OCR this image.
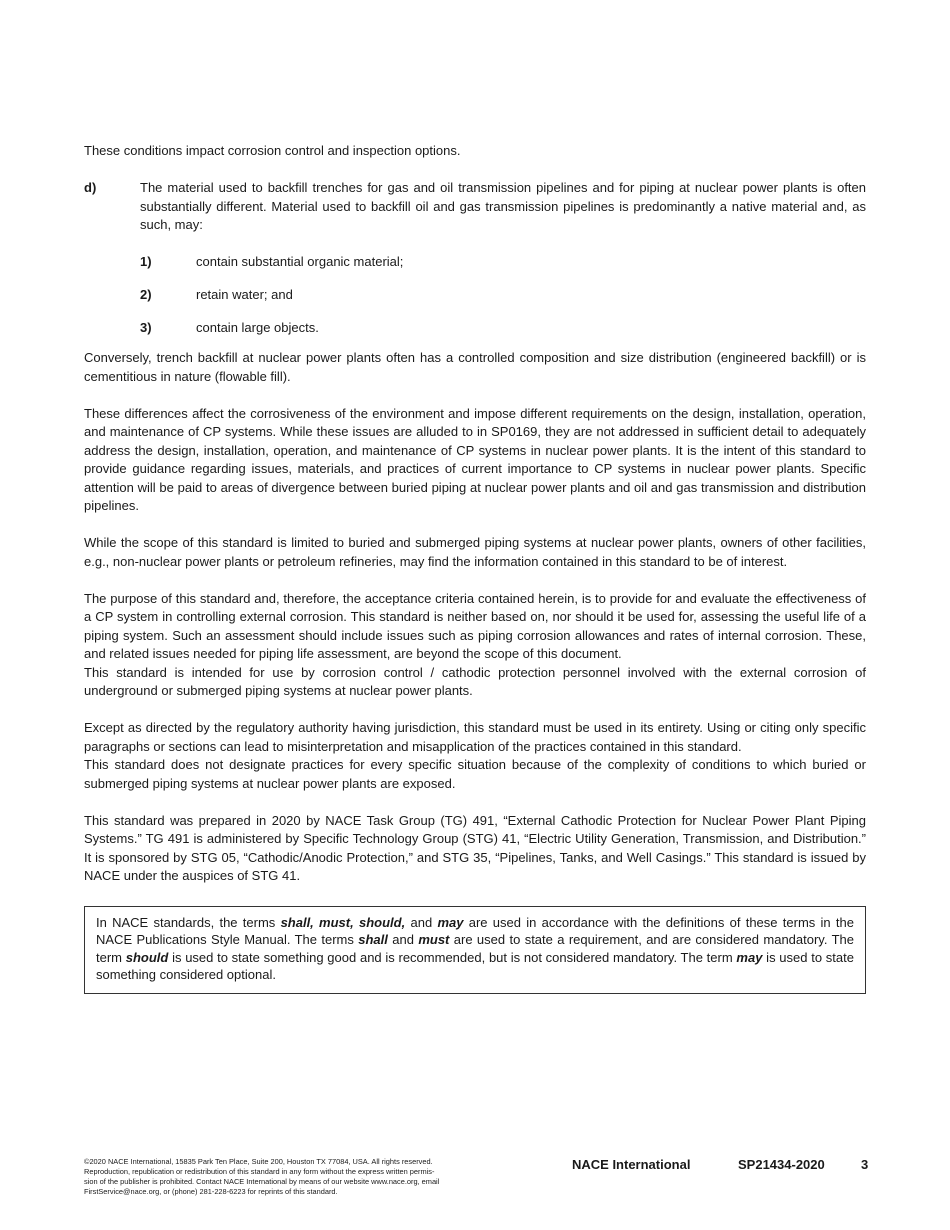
These conditions impact corrosion control and inspection options.

d)	The material used to backfill trenches for gas and oil transmission pipelines and for piping at nuclear power plants is often substantially different. Material used to backfill oil and gas transmission pipelines is predominantly a native material and, as such, may:
1)	contain substantial organic material;
2)	retain water; and
3)	contain large objects.

Conversely, trench backfill at nuclear power plants often has a controlled composition and size distribution (engineered backfill) or is cementitious in nature (flowable fill).

These differences affect the corrosiveness of the environment and impose different requirements on the design, installation, operation, and maintenance of CP systems. While these issues are alluded to in SP0169, they are not addressed in sufficient detail to adequately address the design, installation, operation, and maintenance of CP systems in nuclear power plants. It is the intent of this standard to provide guidance regarding issues, materials, and practices of current importance to CP systems in nuclear power plants. Specific attention will be paid to areas of divergence between buried piping at nuclear power plants and oil and gas transmission and distribution pipelines.

While the scope of this standard is limited to buried and submerged piping systems at nuclear power plants, owners of other facilities, e.g., non-nuclear power plants or petroleum refineries, may find the information contained in this standard to be of interest.

The purpose of this standard and, therefore, the acceptance criteria contained herein, is to provide for and evaluate the effectiveness of a CP system in controlling external corrosion. This standard is neither based on, nor should it be used for, assessing the useful life of a piping system. Such an assessment should include issues such as piping corrosion allowances and rates of internal corrosion. These, and related issues needed for piping life assessment, are beyond the scope of this document.

This standard is intended for use by corrosion control / cathodic protection personnel involved with the external corrosion of underground or submerged piping systems at nuclear power plants.

Except as directed by the regulatory authority having jurisdiction, this standard must be used in its entirety. Using or citing only specific paragraphs or sections can lead to misinterpretation and misapplication of the practices contained in this standard.

This standard does not designate practices for every specific situation because of the complexity of conditions to which buried or submerged piping systems at nuclear power plants are exposed.

This standard was prepared in 2020 by NACE Task Group (TG) 491, “External Cathodic Protection for Nuclear Power Plant Piping Systems.” TG 491 is administered by Specific Technology Group (STG) 41, “Electric Utility Generation, Transmission, and Distribution.” It is sponsored by STG 05, “Cathodic/Anodic Protection,” and STG 35, “Pipelines, Tanks, and Well Casings.” This standard is issued by NACE under the auspices of STG 41.

In NACE standards, the terms shall, must, should, and may are used in accordance with the definitions of these terms in the NACE Publications Style Manual. The terms shall and must are used to state a requirement, and are considered mandatory. The term should is used to state something good and is recommended, but is not considered mandatory. The term may is used to state something considered optional.
©2020 NACE International, 15835 Park Ten Place, Suite 200, Houston TX 77084, USA. All rights reserved.
Reproduction, republication or redistribution of this standard in any form without the express written permis-
sion of the publisher is prohibited. Contact NACE International by means of our website www.nace.org, email
FirstService@nace.org, or (phone) 281-228-6223 for reprints of this standard.
NACE International	SP21434-2020	3
